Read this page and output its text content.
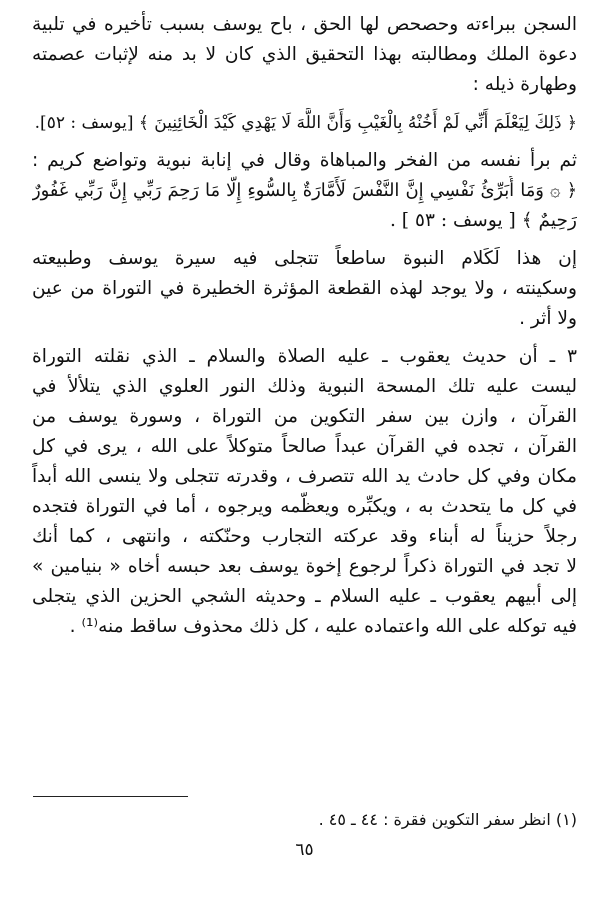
السجن ببراءته وحصحص لها الحق ، باح يوسف بسبب تأخيره في تلبية
دعوة الملك ومطالبته بهذا التحقيق الذي كان لا بد منه لإثبات عصمته
وطهارة ذيله :
﴿ ذَلِكَ لِيَعْلَمَ أَنِّي لَمْ أَخُنْهُ بِالْغَيْبِ وَأَنَّ اللَّهَ لَا يَهْدِي كَيْدَ الْخَائِنِينَ ﴾ [يوسف : ٥٢].
ثم برأ نفسه من الفخر والمباهاة وقال في إنابة نبوية وتواضع كريم :
﴿ ۞ وَمَا أُبَرِّئُ نَفْسِي إِنَّ النَّفْسَ لَأَمَّارَةٌ بِالسُّوءِ إِلَّا مَا رَحِمَ رَبِّي إِنَّ رَبِّي غَفُورٌ
رَحِيمٌ ﴾ [ يوسف : ٥٣ ] .
إن هذا لَكَلام النبوة ساطعاً تتجلى فيه سيرة يوسف وطبيعته
وسكينته ، ولا يوجد لهذه القطعة المؤثرة الخطيرة في التوراة من عين
ولا أثر .
٣ ـ أن حديث يعقوب ـ عليه الصلاة والسلام ـ الذي نقلته التوراة
ليست عليه تلك المسحة النبوية وذلك النور العلوي الذي يتلألأ في
القرآن ، وازن بين سفر التكوين من التوراة ، وسورة يوسف من
القرآن ، تجده في القرآن عبداً صالحاً متوكلاً على الله ، يرى في كل
مكان وفي كل حادث يد الله تتصرف ، وقدرته تتجلى ولا ينسى الله أبداً
في كل ما يتحدث به ، ويكبِّره ويعظّمه ويرجوه ، أما في التوراة فتجده
رجلاً حزيناً له أبناء وقد عركته التجارب وحنّكته ، وانتهى ، كما أنك
لا تجد في التوراة ذكراً لرجوع إخوة يوسف بعد حبسه أخاه « بنيامين »
إلى أبيهم يعقوب ـ عليه السلام ـ وحديثه الشجي الحزين الذي يتجلى
فيه توكله على الله واعتماده عليه ، كل ذلك محذوف ساقط منه⁽¹⁾ .
(١) انظر سفر التكوين فقرة : ٤٤ ـ ٤٥ .
٦٥
